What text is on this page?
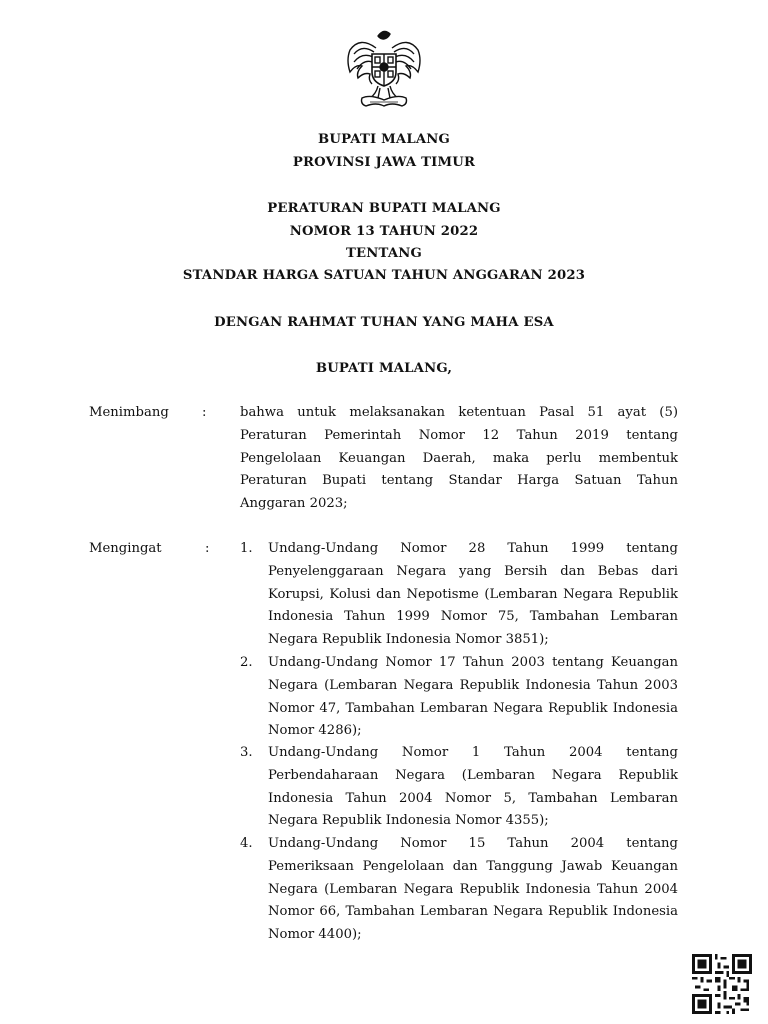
BUPATI MALANG
PROVINSI JAWA TIMUR
PERATURAN BUPATI MALANG
NOMOR 13 TAHUN 2022
TENTANG
STANDAR HARGA SATUAN TAHUN ANGGARAN 2023
DENGAN RAHMAT TUHAN YANG MAHA ESA
BUPATI MALANG,
Menimbang	:	bahwa untuk melaksanakan ketentuan Pasal 51 ayat (5) Peraturan Pemerintah Nomor 12 Tahun 2019 tentang Pengelolaan Keuangan Daerah, maka perlu membentuk Peraturan Bupati tentang Standar Harga Satuan Tahun Anggaran 2023;
Mengingat	: 1. Undang-Undang Nomor 28 Tahun 1999 tentang Penyelenggaraan Negara yang Bersih dan Bebas dari Korupsi, Kolusi dan Nepotisme (Lembaran Negara Republik Indonesia Tahun 1999 Nomor 75, Tambahan Lembaran Negara Republik Indonesia Nomor 3851);
2. Undang-Undang Nomor 17 Tahun 2003 tentang Keuangan Negara (Lembaran Negara Republik Indonesia Tahun 2003 Nomor 47, Tambahan Lembaran Negara Republik Indonesia Nomor 4286);
3. Undang-Undang Nomor 1 Tahun 2004 tentang Perbendaharaan Negara (Lembaran Negara Republik Indonesia Tahun 2004 Nomor 5, Tambahan Lembaran Negara Republik Indonesia Nomor 4355);
4. Undang-Undang Nomor 15 Tahun 2004 tentang Pemeriksaan Pengelolaan dan Tanggung Jawab Keuangan Negara (Lembaran Negara Republik Indonesia Tahun 2004 Nomor 66, Tambahan Lembaran Negara Republik Indonesia Nomor 4400);
